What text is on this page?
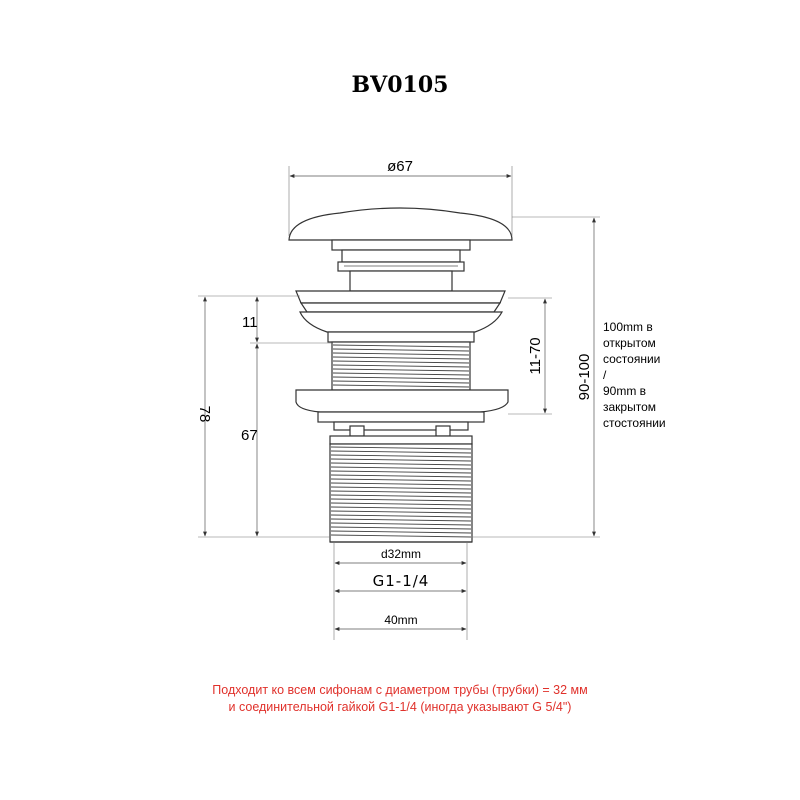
BV0105
ø67
78
11
67
11-70 90-100
100mm в
открытом
состоянии
/
90mm в
закрытом
стостоянии
d32mm
G1-1/4
40mm
Подходит ко всем сифонам с диаметром трубы (трубки) = 32 мм
и соединительной гайкой G1-1/4 (иногда указывают G 5/4")
